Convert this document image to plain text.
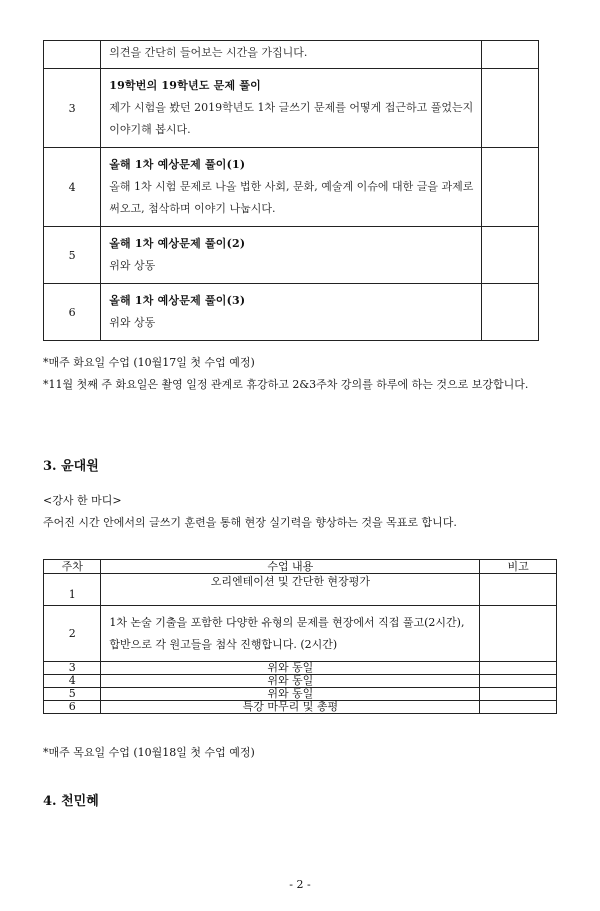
	의견을 간단히 들어보는 시간을 가집니다.	

3	19학번의 19학년도 문제 풀이
제가 시험을 봤던 2019학년도 1차 글쓰기 문제를 어떻게 접근하고 풀었는지 이야기해 봅시다.	

4	올해 1차 예상문제 풀이(1)
올해 1차 시험 문제로 나올 법한 사회, 문화, 예술계 이슈에 대한 글을 과제로 써오고, 첨삭하며 이야기 나눕시다.	

5	올해 1차 예상문제 풀이(2)
위와 상동	

6	올해 1차 예상문제 풀이(3)
위와 상동	

*매주 화요일 수업 (10월17일 첫 수업 예정)
*11월 첫째 주 화요일은 촬영 일정 관계로 휴강하고 2&3주차 강의를 하루에 하는 것으로 보강합니다.
3. 윤대원
<강사 한 마디>
주어진 시간 안에서의 글쓰기 훈련을 통해 현장 실기력을 향상하는 것을 목표로 합니다.
주차	수업 내용	비고
1	오리엔테이션 및 간단한 현장평가	
2	1차 논술 기출을 포함한 다양한 유형의 문제를 현장에서 직접 풀고(2시간), 합반으로 각 원고들을 첨삭 진행합니다. (2시간)	
3	위와 동일	
4	위와 동일	
5	위와 동일	
6	특강 마무리 및 총평	
*매주 목요일 수업 (10월18일 첫 수업 예정)
4. 천민혜
- 2 -
